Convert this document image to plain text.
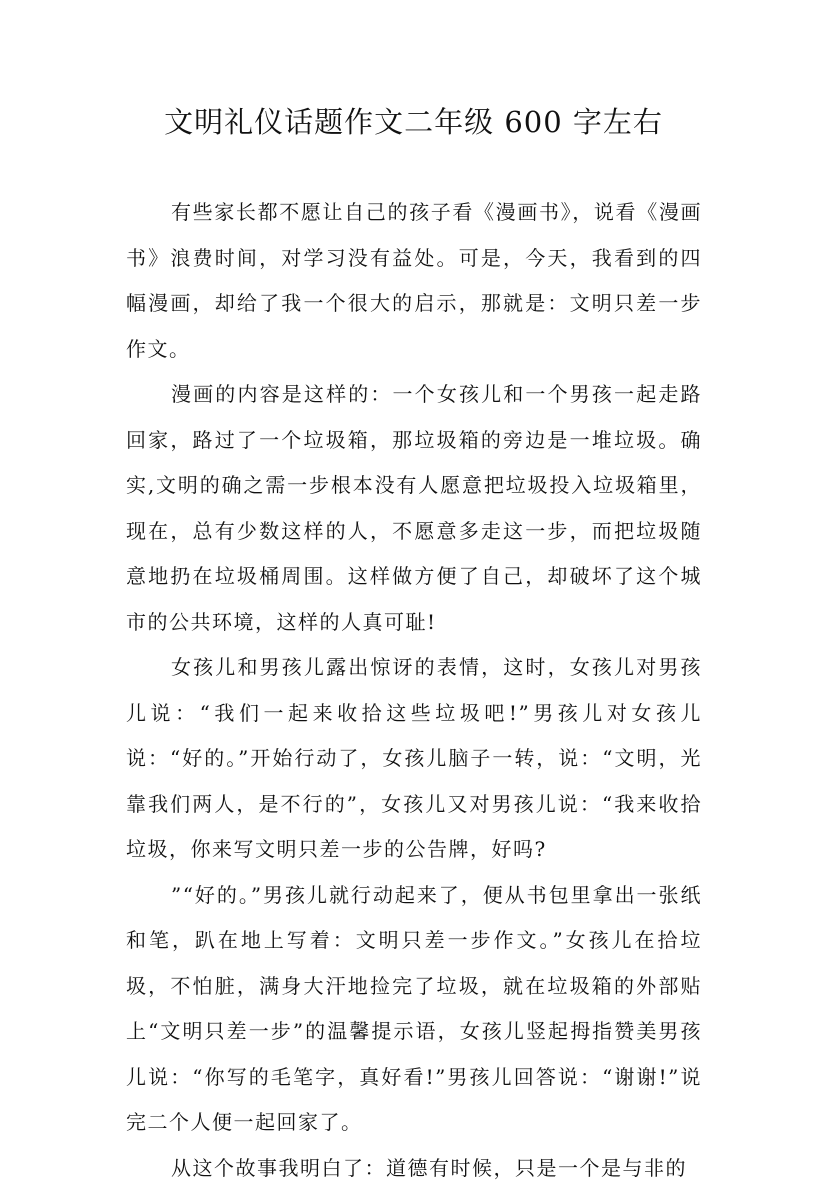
文明礼仪话题作文二年级 600 字左右

有些家长都不愿让自己的孩子看《漫画书》，说看《漫画书》浪费时间，对学习没有益处。可是，今天，我看到的四幅漫画，却给了我一个很大的启示，那就是：文明只差一步作文。

漫画的内容是这样的：一个女孩儿和一个男孩一起走路回家，路过了一个垃圾箱，那垃圾箱的旁边是一堆垃圾。确实,文明的确之需一步根本没有人愿意把垃圾投入垃圾箱里，现在，总有少数这样的人，不愿意多走这一步，而把垃圾随意地扔在垃圾桶周围。这样做方便了自己，却破坏了这个城市的公共环境，这样的人真可耻!

女孩儿和男孩儿露出惊讶的表情，这时，女孩儿对男孩儿说：“我们一起来收拾这些垃圾吧!”男孩儿对女孩儿说：“好的。”开始行动了，女孩儿脑子一转，说：“文明，光靠我们两人，是不行的”，女孩儿又对男孩儿说：“我来收拾垃圾，你来写文明只差一步的公告牌，好吗?

”“好的。”男孩儿就行动起来了，便从书包里拿出一张纸和笔，趴在地上写着：文明只差一步作文。”女孩儿在拾垃圾，不怕脏，满身大汗地捡完了垃圾，就在垃圾箱的外部贴上“文明只差一步”的温馨提示语，女孩儿竖起拇指赞美男孩儿说：“你写的毛笔字，真好看!”男孩儿回答说：“谢谢!”说完二个人便一起回家了。

从这个故事我明白了：道德有时候，只是一个是与非的
